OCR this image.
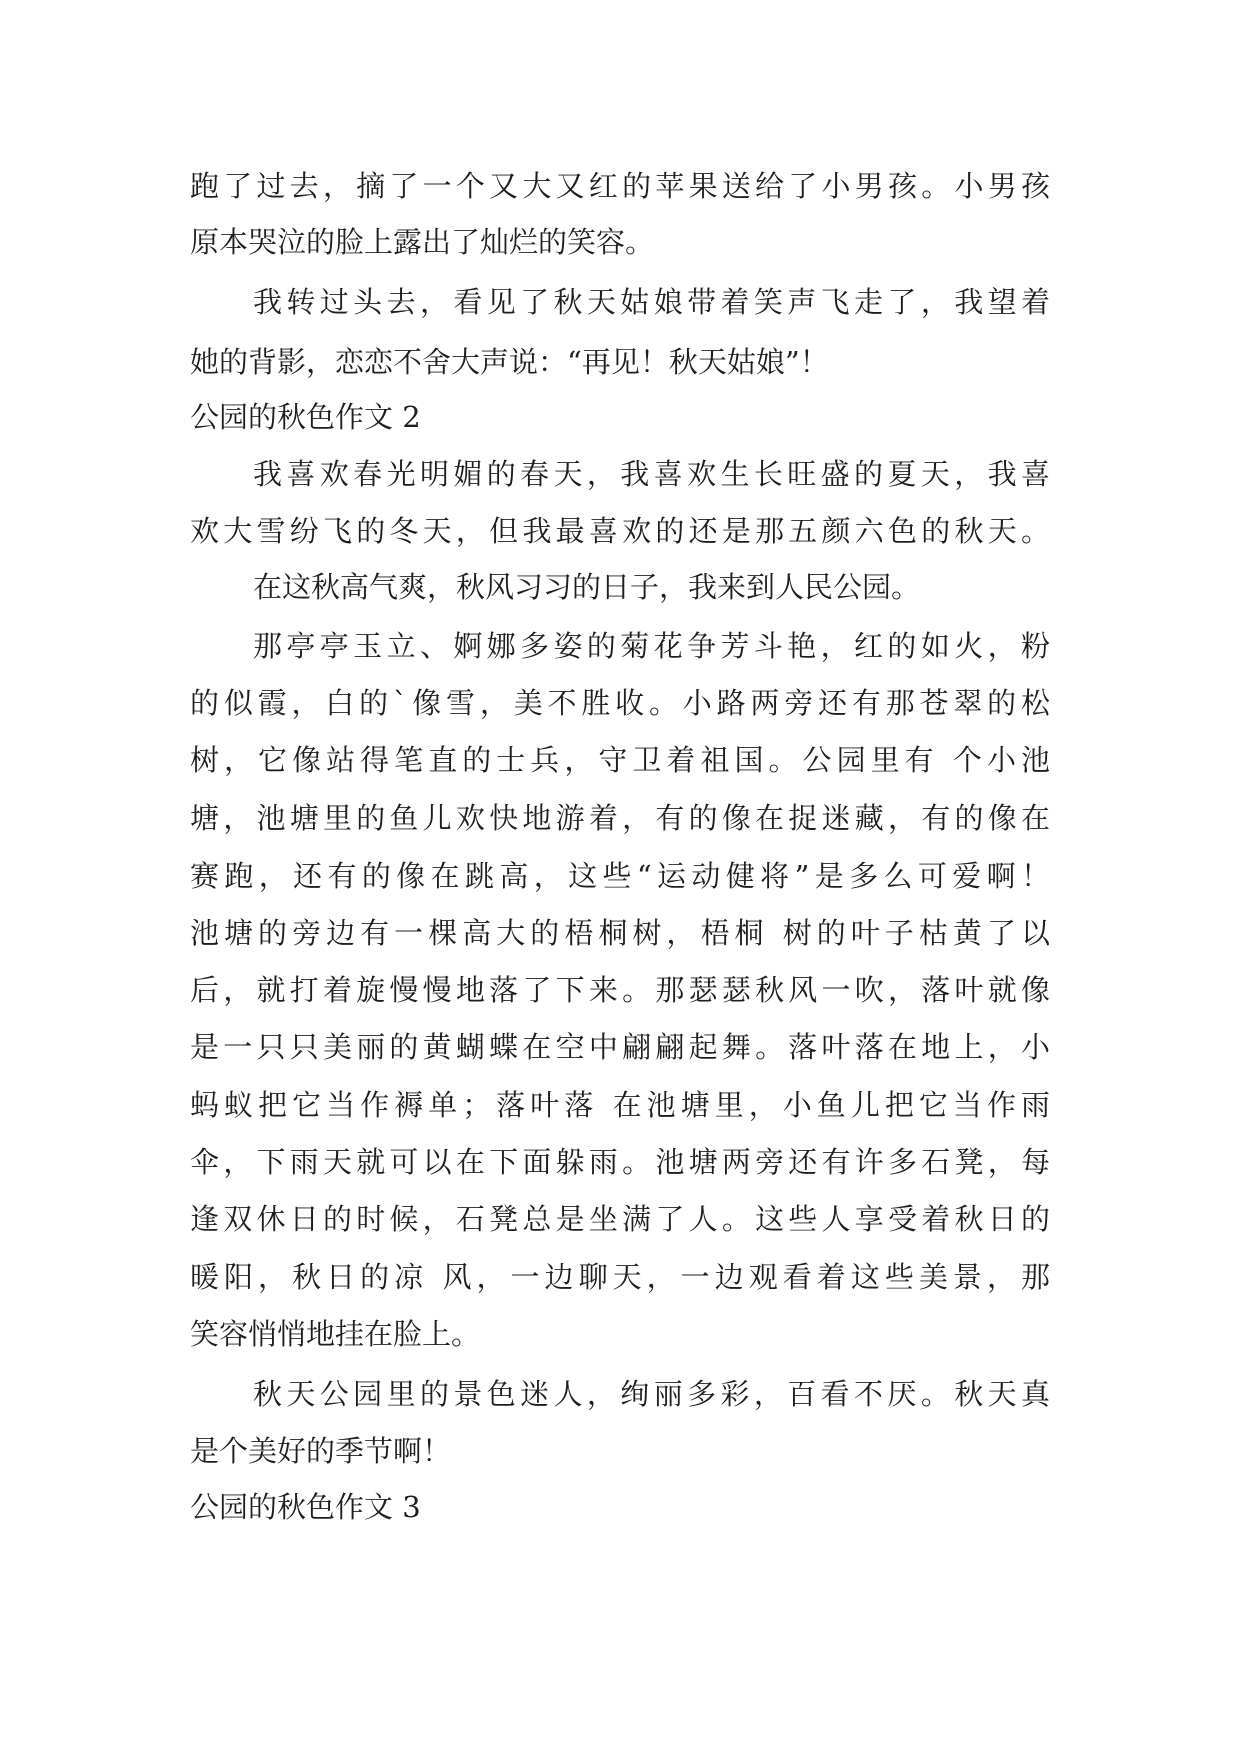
跑了过去，摘了一个又大又红的苹果送给了小男孩。小男孩
原本哭泣的脸上露出了灿烂的笑容。
我转过头去，看见了秋天姑娘带着笑声飞走了，我望着
她的背影，恋恋不舍大声说：“再见！秋天姑娘”！
公园的秋色作文 2
我喜欢春光明媚的春天，我喜欢生长旺盛的夏天，我喜
欢大雪纷飞的冬天，但我最喜欢的还是那五颜六色的秋天。
在这秋高气爽，秋风习习的日子，我来到人民公园。
那亭亭玉立、婀娜多姿的菊花争芳斗艳，红的如火，粉
的似霞，白的`像雪，美不胜收。小路两旁还有那苍翠的松
树，它像站得笔直的士兵，守卫着祖国。公园里有 个小池
塘，池塘里的鱼儿欢快地游着，有的像在捉迷藏，有的像在
赛跑，还有的像在跳高，这些“运动健将”是多么可爱啊！
池塘的旁边有一棵高大的梧桐树，梧桐 树的叶子枯黄了以
后，就打着旋慢慢地落了下来。那瑟瑟秋风一吹，落叶就像
是一只只美丽的黄蝴蝶在空中翩翩起舞。落叶落在地上，小
蚂蚁把它当作褥单；落叶落 在池塘里，小鱼儿把它当作雨
伞，下雨天就可以在下面躲雨。池塘两旁还有许多石凳，每
逢双休日的时候，石凳总是坐满了人。这些人享受着秋日的
暖阳，秋日的凉 风，一边聊天，一边观看着这些美景，那
笑容悄悄地挂在脸上。
秋天公园里的景色迷人，绚丽多彩，百看不厌。秋天真
是个美好的季节啊！
公园的秋色作文 3
